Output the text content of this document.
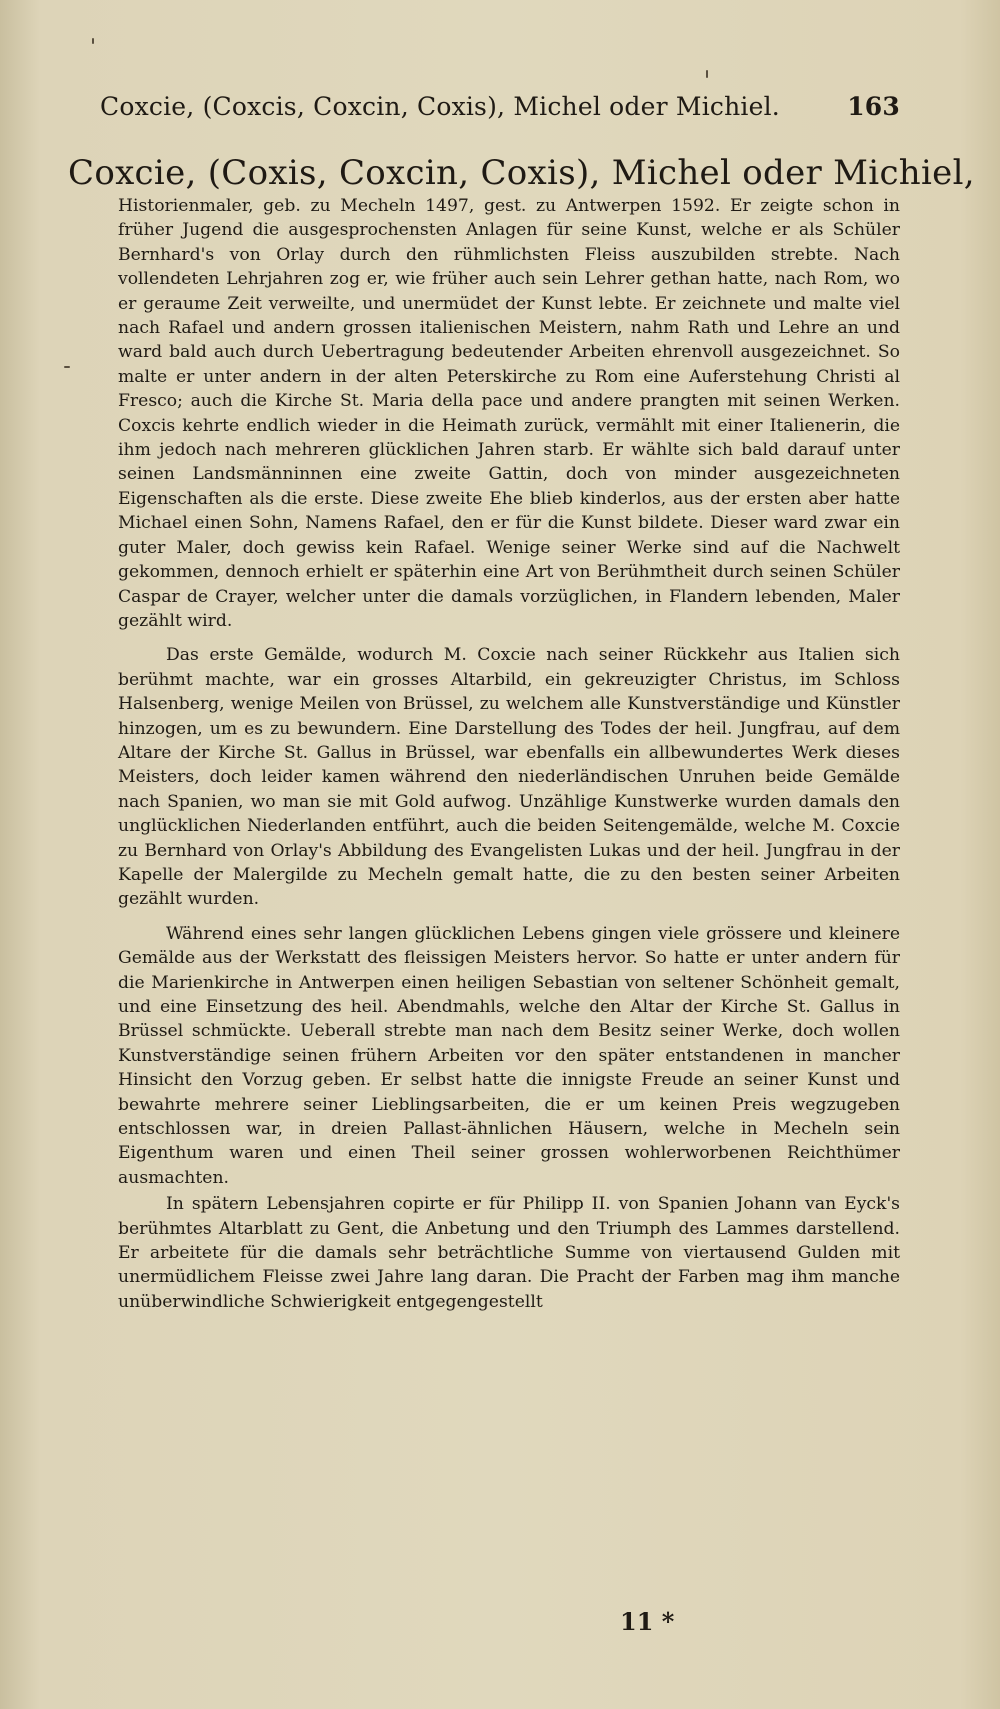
Coxcie, (Coxcis, Coxcin, Coxis), Michel oder Michiel.	163
Coxcie, (Coxis, Coxcin, Coxis), Michel oder Michiel,

Historienmaler, geb. zu Mecheln 1497, gest. zu Antwerpen 1592. Er zeigte schon in früher Jugend die ausgesprochensten Anlagen für seine Kunst, welche er als Schüler Bernhard's von Orlay durch den rühmlichsten Fleiss auszubilden strebte. Nach vollendeten Lehrjahren zog er, wie früher auch sein Lehrer gethan hatte, nach Rom, wo er geraume Zeit verweilte, und unermüdet der Kunst lebte. Er zeichnete und malte viel nach Rafael und andern grossen italienischen Meistern, nahm Rath und Lehre an und ward bald auch durch Uebertragung bedeutender Arbeiten ehrenvoll ausgezeichnet. So malte er unter andern in der alten Peterskirche zu Rom eine Auferstehung Christi al Fresco; auch die Kirche St. Maria della pace und andere prangten mit seinen Werken. Coxcis kehrte endlich wieder in die Heimath zurück, vermählt mit einer Italienerin, die ihm jedoch nach mehreren glücklichen Jahren starb. Er wählte sich bald darauf unter seinen Landsmänninnen eine zweite Gattin, doch von minder ausgezeichneten Eigenschaften als die erste. Diese zweite Ehe blieb kinderlos, aus der ersten aber hatte Michael einen Sohn, Namens Rafael, den er für die Kunst bildete. Dieser ward zwar ein guter Maler, doch gewiss kein Rafael. Wenige seiner Werke sind auf die Nachwelt gekommen, dennoch erhielt er späterhin eine Art von Berühmtheit durch seinen Schüler Caspar de Crayer, welcher unter die damals vorzüglichen, in Flandern lebenden, Maler gezählt wird.

Das erste Gemälde, wodurch M. Coxcie nach seiner Rückkehr aus Italien sich berühmt machte, war ein grosses Altarbild, ein gekreuzigter Christus, im Schloss Halsenberg, wenige Meilen von Brüssel, zu welchem alle Kunstverständige und Künstler hinzogen, um es zu bewundern. Eine Darstellung des Todes der heil. Jungfrau, auf dem Altare der Kirche St. Gallus in Brüssel, war ebenfalls ein allbewundertes Werk dieses Meisters, doch leider kamen während den niederländischen Unruhen beide Gemälde nach Spanien, wo man sie mit Gold aufwog. Unzählige Kunstwerke wurden damals den unglücklichen Niederlanden entführt, auch die beiden Seitengemälde, welche M. Coxcie zu Bernhard von Orlay's Abbildung des Evangelisten Lukas und der heil. Jungfrau in der Kapelle der Malergilde zu Mecheln gemalt hatte, die zu den besten seiner Arbeiten gezählt wurden.

Während eines sehr langen glücklichen Lebens gingen viele grössere und kleinere Gemälde aus der Werkstatt des fleissigen Meisters hervor. So hatte er unter andern für die Marienkirche in Antwerpen einen heiligen Sebastian von seltener Schönheit gemalt, und eine Einsetzung des heil. Abendmahls, welche den Altar der Kirche St. Gallus in Brüssel schmückte. Ueberall strebte man nach dem Besitz seiner Werke, doch wollen Kunstverständige seinen frühern Arbeiten vor den später entstandenen in mancher Hinsicht den Vorzug geben. Er selbst hatte die innigste Freude an seiner Kunst und bewahrte mehrere seiner Lieblingsarbeiten, die er um keinen Preis wegzugeben entschlossen war, in dreien Pallast-ähnlichen Häusern, welche in Mecheln sein Eigenthum waren und einen Theil seiner grossen wohlerworbenen Reichthümer ausmachten.

In spätern Lebensjahren copirte er für Philipp II. von Spanien Johann van Eyck's berühmtes Altarblatt zu Gent, die Anbetung und den Triumph des Lammes darstellend. Er arbeitete für die damals sehr beträchtliche Summe von viertausend Gulden mit unermüdlichem Fleisse zwei Jahre lang daran. Die Pracht der Farben mag ihm manche unüberwindliche Schwierigkeit entgegengestellt

11 *
